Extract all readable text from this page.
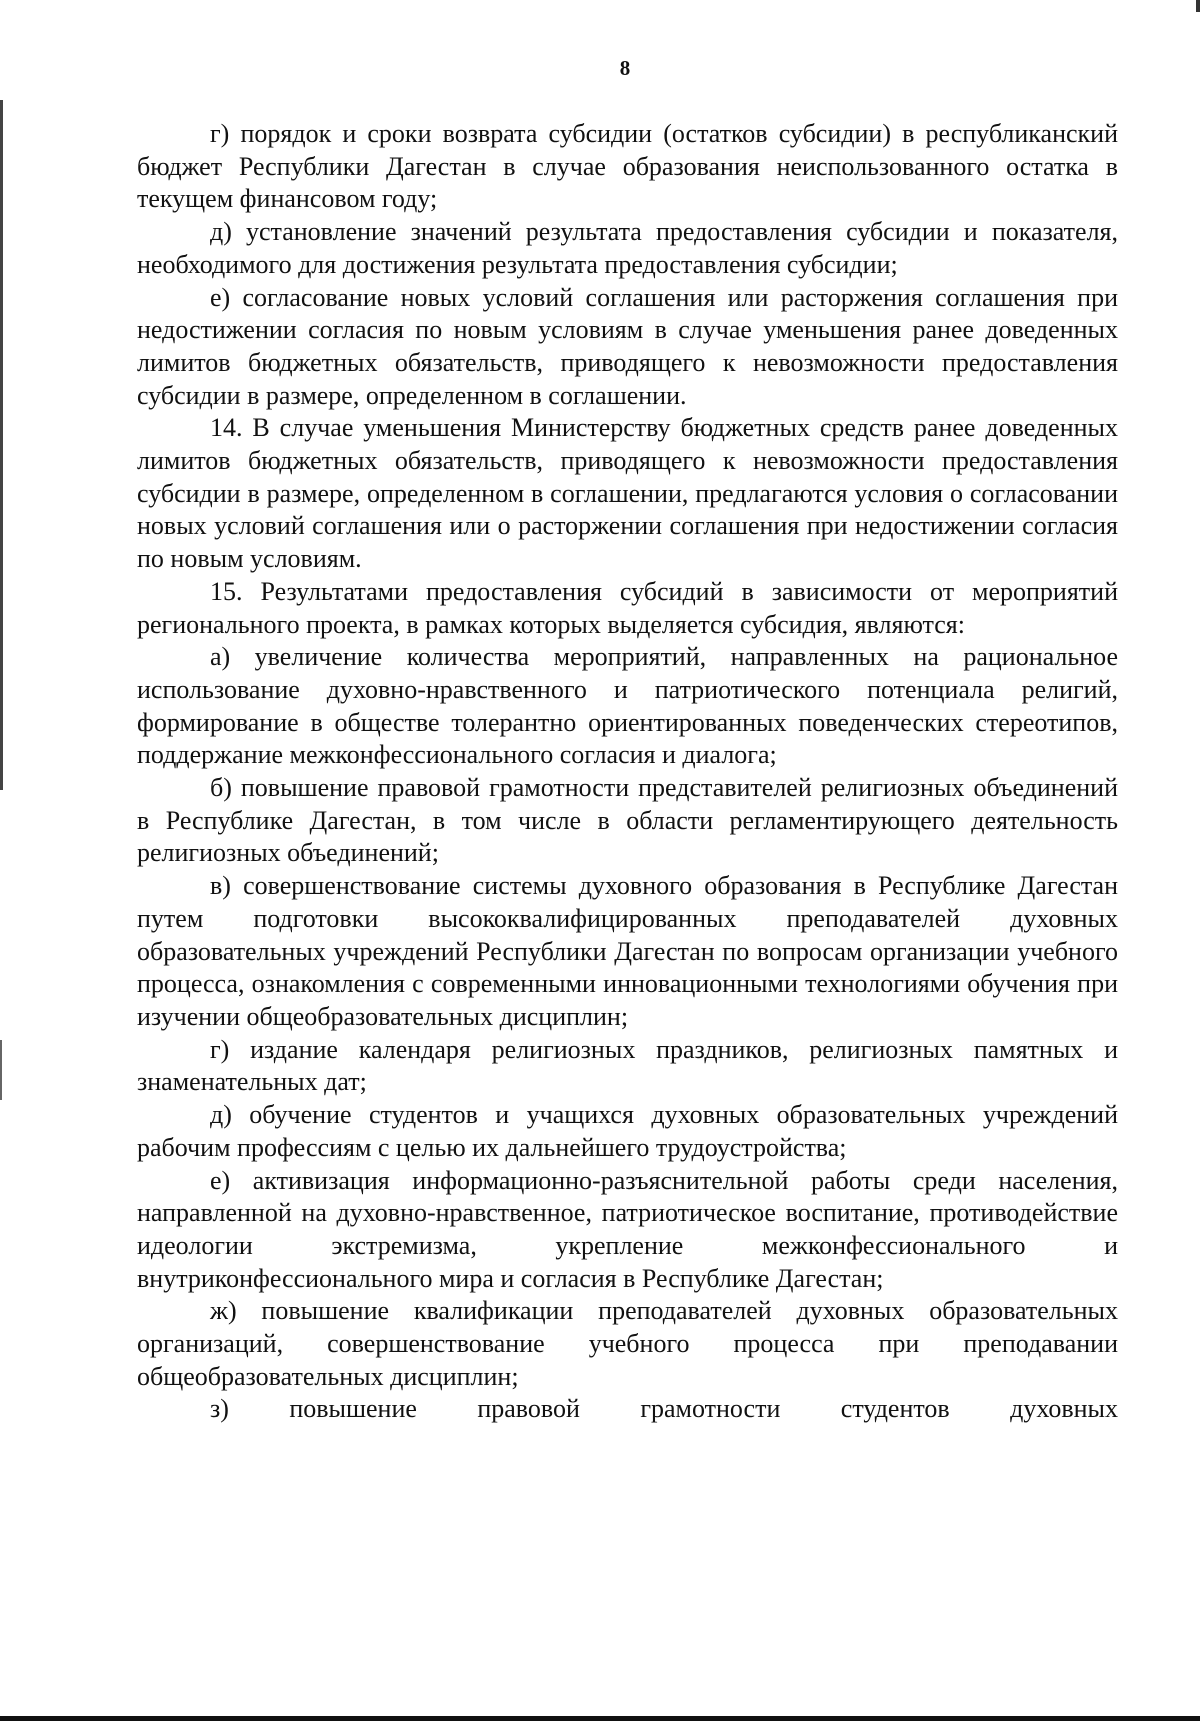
8

г) порядок и сроки возврата субсидии (остатков субсидии) в республиканский бюджет Республики Дагестан в случае образования неиспользованного остатка в текущем финансовом году;

д) установление значений результата предоставления субсидии и показателя, необходимого для достижения результата предоставления субсидии;

е) согласование новых условий соглашения или расторжения соглашения при недостижении согласия по новым условиям в случае уменьшения ранее доведенных лимитов бюджетных обязательств, приводящего к невозможности предоставления субсидии в размере, определенном в соглашении.

14. В случае уменьшения Министерству бюджетных средств ранее доведенных лимитов бюджетных обязательств, приводящего к невозможности предоставления субсидии в размере, определенном в соглашении, предлагаются условия о согласовании новых условий соглашения или о расторжении соглашения при недостижении согласия по новым условиям.

15. Результатами предоставления субсидий в зависимости от мероприятий регионального проекта, в рамках которых выделяется субсидия, являются:

а) увеличение количества мероприятий, направленных на рациональное использование духовно-нравственного и патриотического потенциала религий, формирование в обществе толерантно ориентированных поведенческих стереотипов, поддержание межконфессионального согласия и диалога;

б) повышение правовой грамотности представителей религиозных объединений в Республике Дагестан, в том числе в области регламентирующего деятельность религиозных объединений;

в) совершенствование системы духовного образования в Республике Дагестан путем подготовки высококвалифицированных преподавателей духовных образовательных учреждений Республики Дагестан по вопросам организации учебного процесса, ознакомления с современными инновационными технологиями обучения при изучении общеобразовательных дисциплин;

г) издание календаря религиозных праздников, религиозных памятных и знаменательных дат;

д) обучение студентов и учащихся духовных образовательных учреждений рабочим профессиям с целью их дальнейшего трудоустройства;

е) активизация информационно-разъяснительной работы среди населения, направленной на духовно-нравственное, патриотическое воспитание, противодействие идеологии экстремизма, укрепление межконфессионального и внутриконфессионального мира и согласия в Республике Дагестан;

ж) повышение квалификации преподавателей духовных образовательных организаций, совершенствование учебного процесса при преподавании общеобразовательных дисциплин;

з) повышение правовой грамотности студентов духовных
